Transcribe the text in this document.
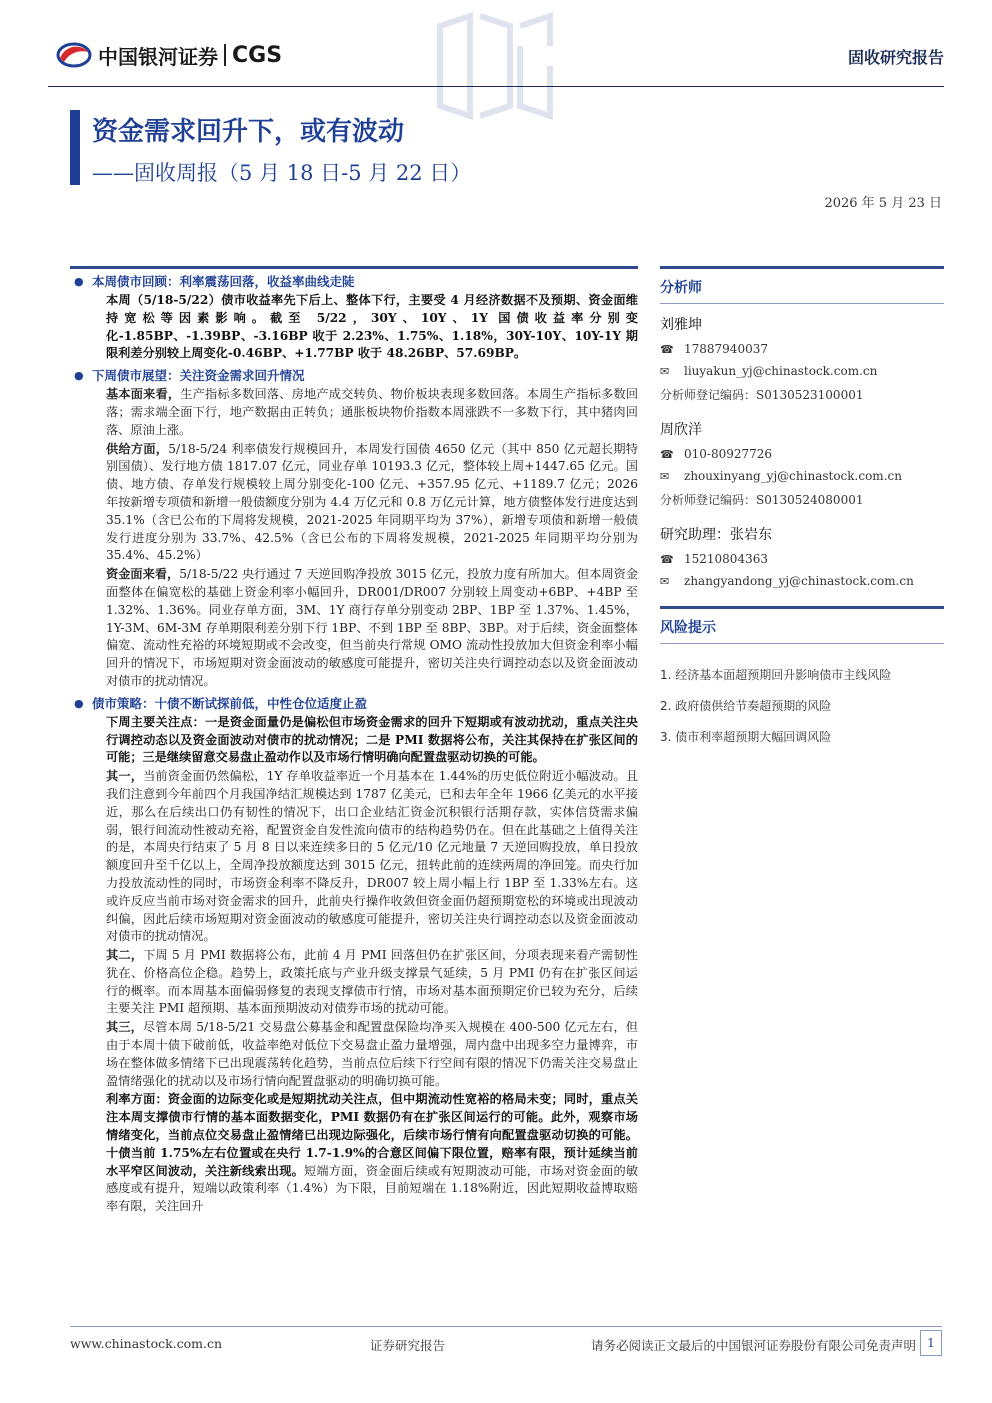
中国银河证券 CGS	固收研究报告
资金需求回升下，或有波动
——固收周报（5 月 18 日-5 月 22 日）
2026 年 5 月 23 日
● 本周债市回顾：利率震荡回落，收益率曲线走陡
本周（5/18-5/22）债市收益率先下后上、整体下行，主要受 4 月经济数据不及预期、资金面维持宽松等因素影响。截至 5/22，30Y、10Y、1Y 国债收益率分别变化-1.85BP、-1.39BP、-3.16BP 收于 2.23%、1.75%、1.18%，30Y-10Y、10Y-1Y 期限利差分别较上周变化-0.46BP、+1.77BP 收于 48.26BP、57.69BP。
● 下周债市展望：关注资金需求回升情况
基本面来看，生产指标多数回落、房地产成交转负、物价板块表现多数回落。本周生产指标多数回落；需求端全面下行，地产数据由正转负；通胀板块物价指数本周涨跌不一多数下行，其中猪肉回落、原油上涨。
供给方面，5/18-5/24 利率债发行规模回升，本周发行国债 4650 亿元（其中 850 亿元超长期特别国债）、发行地方债 1817.07 亿元，同业存单 10193.3 亿元，整体较上周+1447.65 亿元。国债、地方债、存单发行规模较上周分别变化-100 亿元、+357.95 亿元、+1189.7 亿元；2026 年按新增专项债和新增一般债额度分别为 4.4 万亿元和 0.8 万亿元计算，地方债整体发行进度达到 35.1%（含已公布的下周将发规模，2021-2025 年同期平均为 37%），新增专项债和新增一般债发行进度分别为 33.7%、42.5%（含已公布的下周将发规模，2021-2025 年同期平均分别为 35.4%、45.2%）
资金面来看，5/18-5/22 央行通过 7 天逆回购净投放 3015 亿元，投放力度有所加大。但本周资金面整体在偏宽松的基础上资金利率小幅回升，DR001/DR007 分别较上周变动+6BP、+4BP 至 1.32%、1.36%。同业存单方面，3M、1Y 商行存单分别变动 2BP、1BP 至 1.37%、1.45%，1Y-3M、6M-3M 存单期限利差分别下行 1BP、不到 1BP 至 8BP、3BP。对于后续，资金面整体偏宽、流动性充裕的环境短期或不会改变，但当前央行常规 OMO 流动性投放加大但资金利率小幅回升的情况下，市场短期对资金面波动的敏感度可能提升，密切关注央行调控动态以及资金面波动对债市的扰动情况。
● 债市策略：十债不断试探前低，中性仓位适度止盈
下周主要关注点：一是资金面量仍是偏松但市场资金需求的回升下短期或有波动扰动，重点关注央行调控动态以及资金面波动对债市的扰动情况；二是 PMI 数据将公布，关注其保持在扩张区间的可能；三是继续留意交易盘止盈动作以及市场行情明确向配置盘驱动切换的可能。
其一，当前资金面仍然偏松，1Y 存单收益率近一个月基本在 1.44%的历史低位附近小幅波动。且我们注意到今年前四个月我国净结汇规模达到 1787 亿美元，已和去年全年 1966 亿美元的水平接近，那么在后续出口仍有韧性的情况下，出口企业结汇资金沉积银行活期存款，实体信贷需求偏弱，银行间流动性被动充裕，配置资金自发性流向债市的结构趋势仍在。但在此基础之上值得关注的是，本周央行结束了 5 月 8 日以来连续多日的 5 亿元/10 亿元地量 7 天逆回购投放，单日投放额度回升至千亿以上，全周净投放额度达到 3015 亿元，扭转此前的连续两周的净回笼。而央行加力投放流动性的同时，市场资金利率不降反升，DR007 较上周小幅上行 1BP 至 1.33%左右。这或许反应当前市场对资金需求的回升，此前央行操作收敛但资金面仍超预期宽松的环境或出现波动纠偏，因此后续市场短期对资金面波动的敏感度可能提升，密切关注央行调控动态以及资金面波动对债市的扰动情况。
其二，下周 5 月 PMI 数据将公布，此前 4 月 PMI 回落但仍在扩张区间，分项表现来看产需韧性犹在、价格高位企稳。趋势上，政策托底与产业升级支撑景气延续，5 月 PMI 仍有在扩张区间运行的概率。而本周基本面偏弱修复的表现支撑债市行情，市场对基本面预期定价已较为充分，后续主要关注 PMI 超预期、基本面预期波动对债券市场的扰动可能。
其三，尽管本周 5/18-5/21 交易盘公募基金和配置盘保险均净买入规模在 400-500 亿元左右，但由于本周十债下破前低，收益率绝对低位下交易盘止盈力量增强，周内盘中出现多空力量博弈，市场在整体做多情绪下已出现震荡转化趋势，当前点位后续下行空间有限的情况下仍需关注交易盘止盈情绪强化的扰动以及市场行情向配置盘驱动的明确切换可能。
利率方面：资金面的边际变化或是短期扰动关注点，但中期流动性宽裕的格局未变；同时，重点关注本周支撑债市行情的基本面数据变化，PMI 数据仍有在扩张区间运行的可能。此外，观察市场情绪变化，当前点位交易盘止盈情绪已出现边际强化，后续市场行情有向配置盘驱动切换的可能。十债当前 1.75%左右位置或在央行 1.7-1.9%的合意区间偏下限位置，赔率有限，预计延续当前水平窄区间波动，关注新线索出现。短端方面，资金面后续或有短期波动可能，市场对资金面的敏感度或有提升，短端以政策利率（1.4%）为下限，目前短端在 1.18%附近，因此短期收益博取赔率有限，关注回升
分析师
刘雅坤
☎ 17887940037
✉	liuyakun_yj@chinastock.com.cn
分析师登记编码：S0130523100001
周欣洋
☎ 010-80927726
✉	zhouxinyang_yj@chinastock.com.cn
分析师登记编码：S0130524080001
研究助理：张岩东
☎ 15210804363
✉	zhangyandong_yj@chinastock.com.cn
风险提示
1. 经济基本面超预期回升影响债市主线风险
2. 政府债供给节奏超预期的风险
3. 债市利率超预期大幅回调风险
www.chinastock.com.cn	证券研究报告	请务必阅读正文最后的中国银河证券股份有限公司免责声明 1
